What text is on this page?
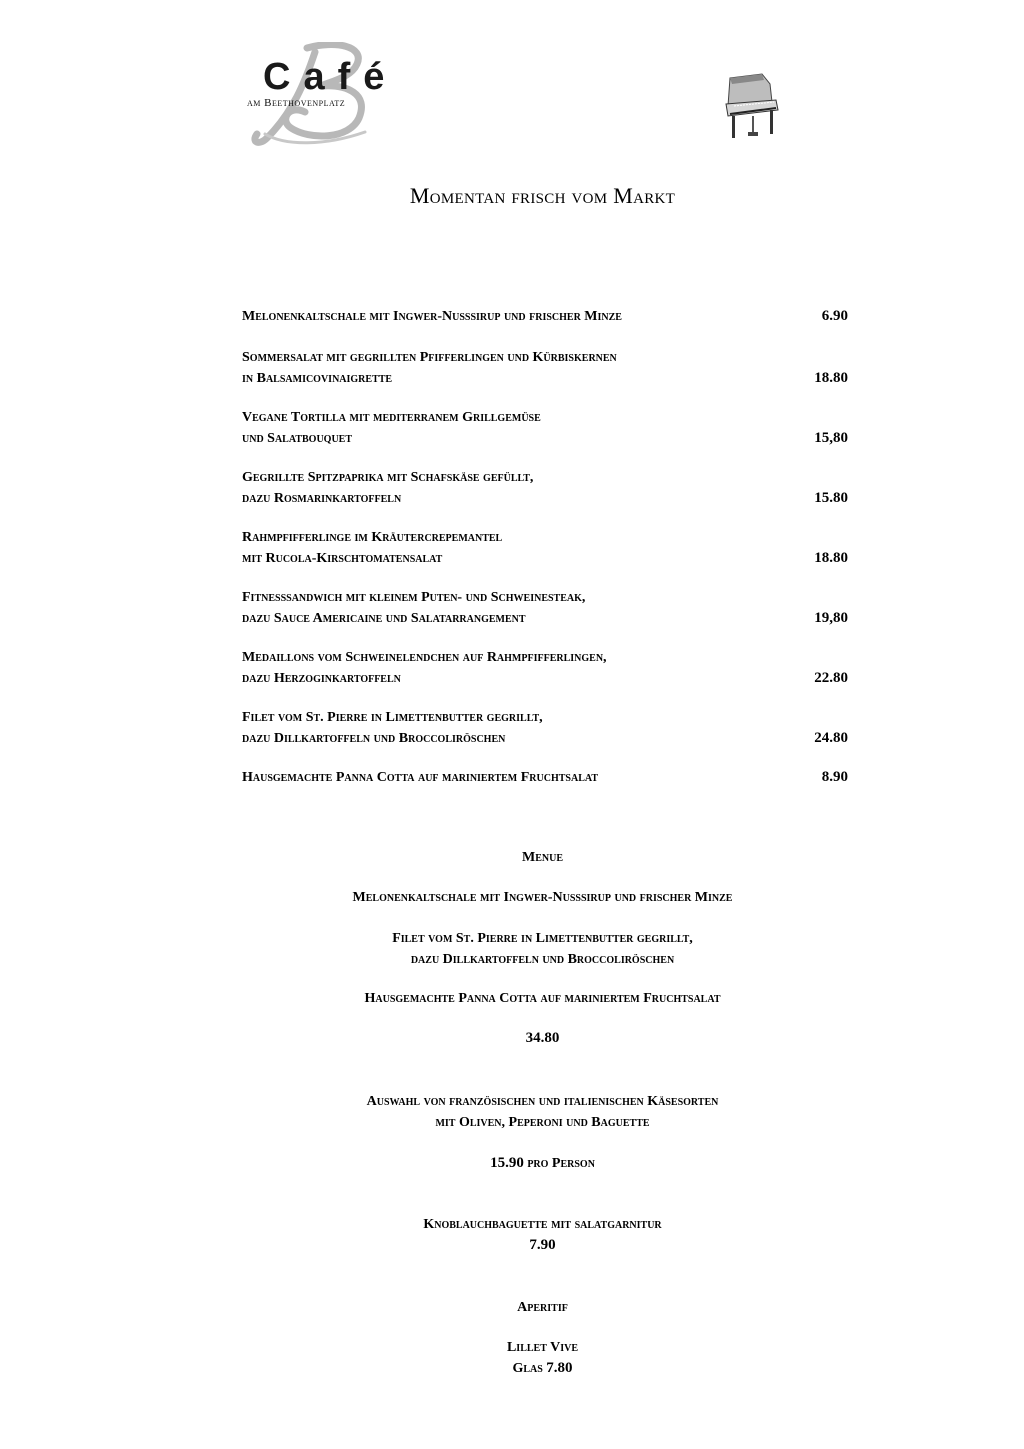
Café
am Beethovenplatz
Momentan frisch vom Markt
Melonenkaltschale mit Ingwer-Nußsirup und frischer Minze	6.90
Sommersalat mit gegrillten Pfifferlingen und Kürbiskernen
in Balsamicovinaigrette	18.80
Vegane Tortilla mit mediterranem Grillgemüse
und Salatbouquet	15,80
Gegrillte Spitzpaprika mit Schafskäse gefüllt,
dazu Rosmarinkartoffeln	15.80
Rahmpfifferlinge im Kräutercrepemantel
mit Rucola-Kirschtomatensalat	18.80
Fitnesssandwich mit kleinem Puten- und Schweinesteak,
dazu Sauce Americaine und Salatarrangement	19,80
Medaillons vom Schweinelendchen auf Rahmpfifferlingen,
dazu Herzoginkartoffeln	22.80
Filet vom St. Pierre in Limettenbutter gegrillt,
dazu Dillkartoffeln und Broccoliröschen	24.80
Hausgemachte Panna Cotta auf mariniertem Fruchtsalat	8.90
Menue
Melonenkaltschale mit Ingwer-Nußsirup und frischer Minze
Filet vom St. Pierre in Limettenbutter gegrillt,
dazu Dillkartoffeln und Broccoliröschen
Hausgemachte Panna Cotta auf mariniertem Fruchtsalat
34.80
Auswahl von französischen und italienischen Käsesorten
mit Oliven, Peperoni und Baguette
15.90 pro Person
Knoblauchbaguette mit salatgarnitur
7.90
Aperitif
Lillet Vive
Glas 7.80
